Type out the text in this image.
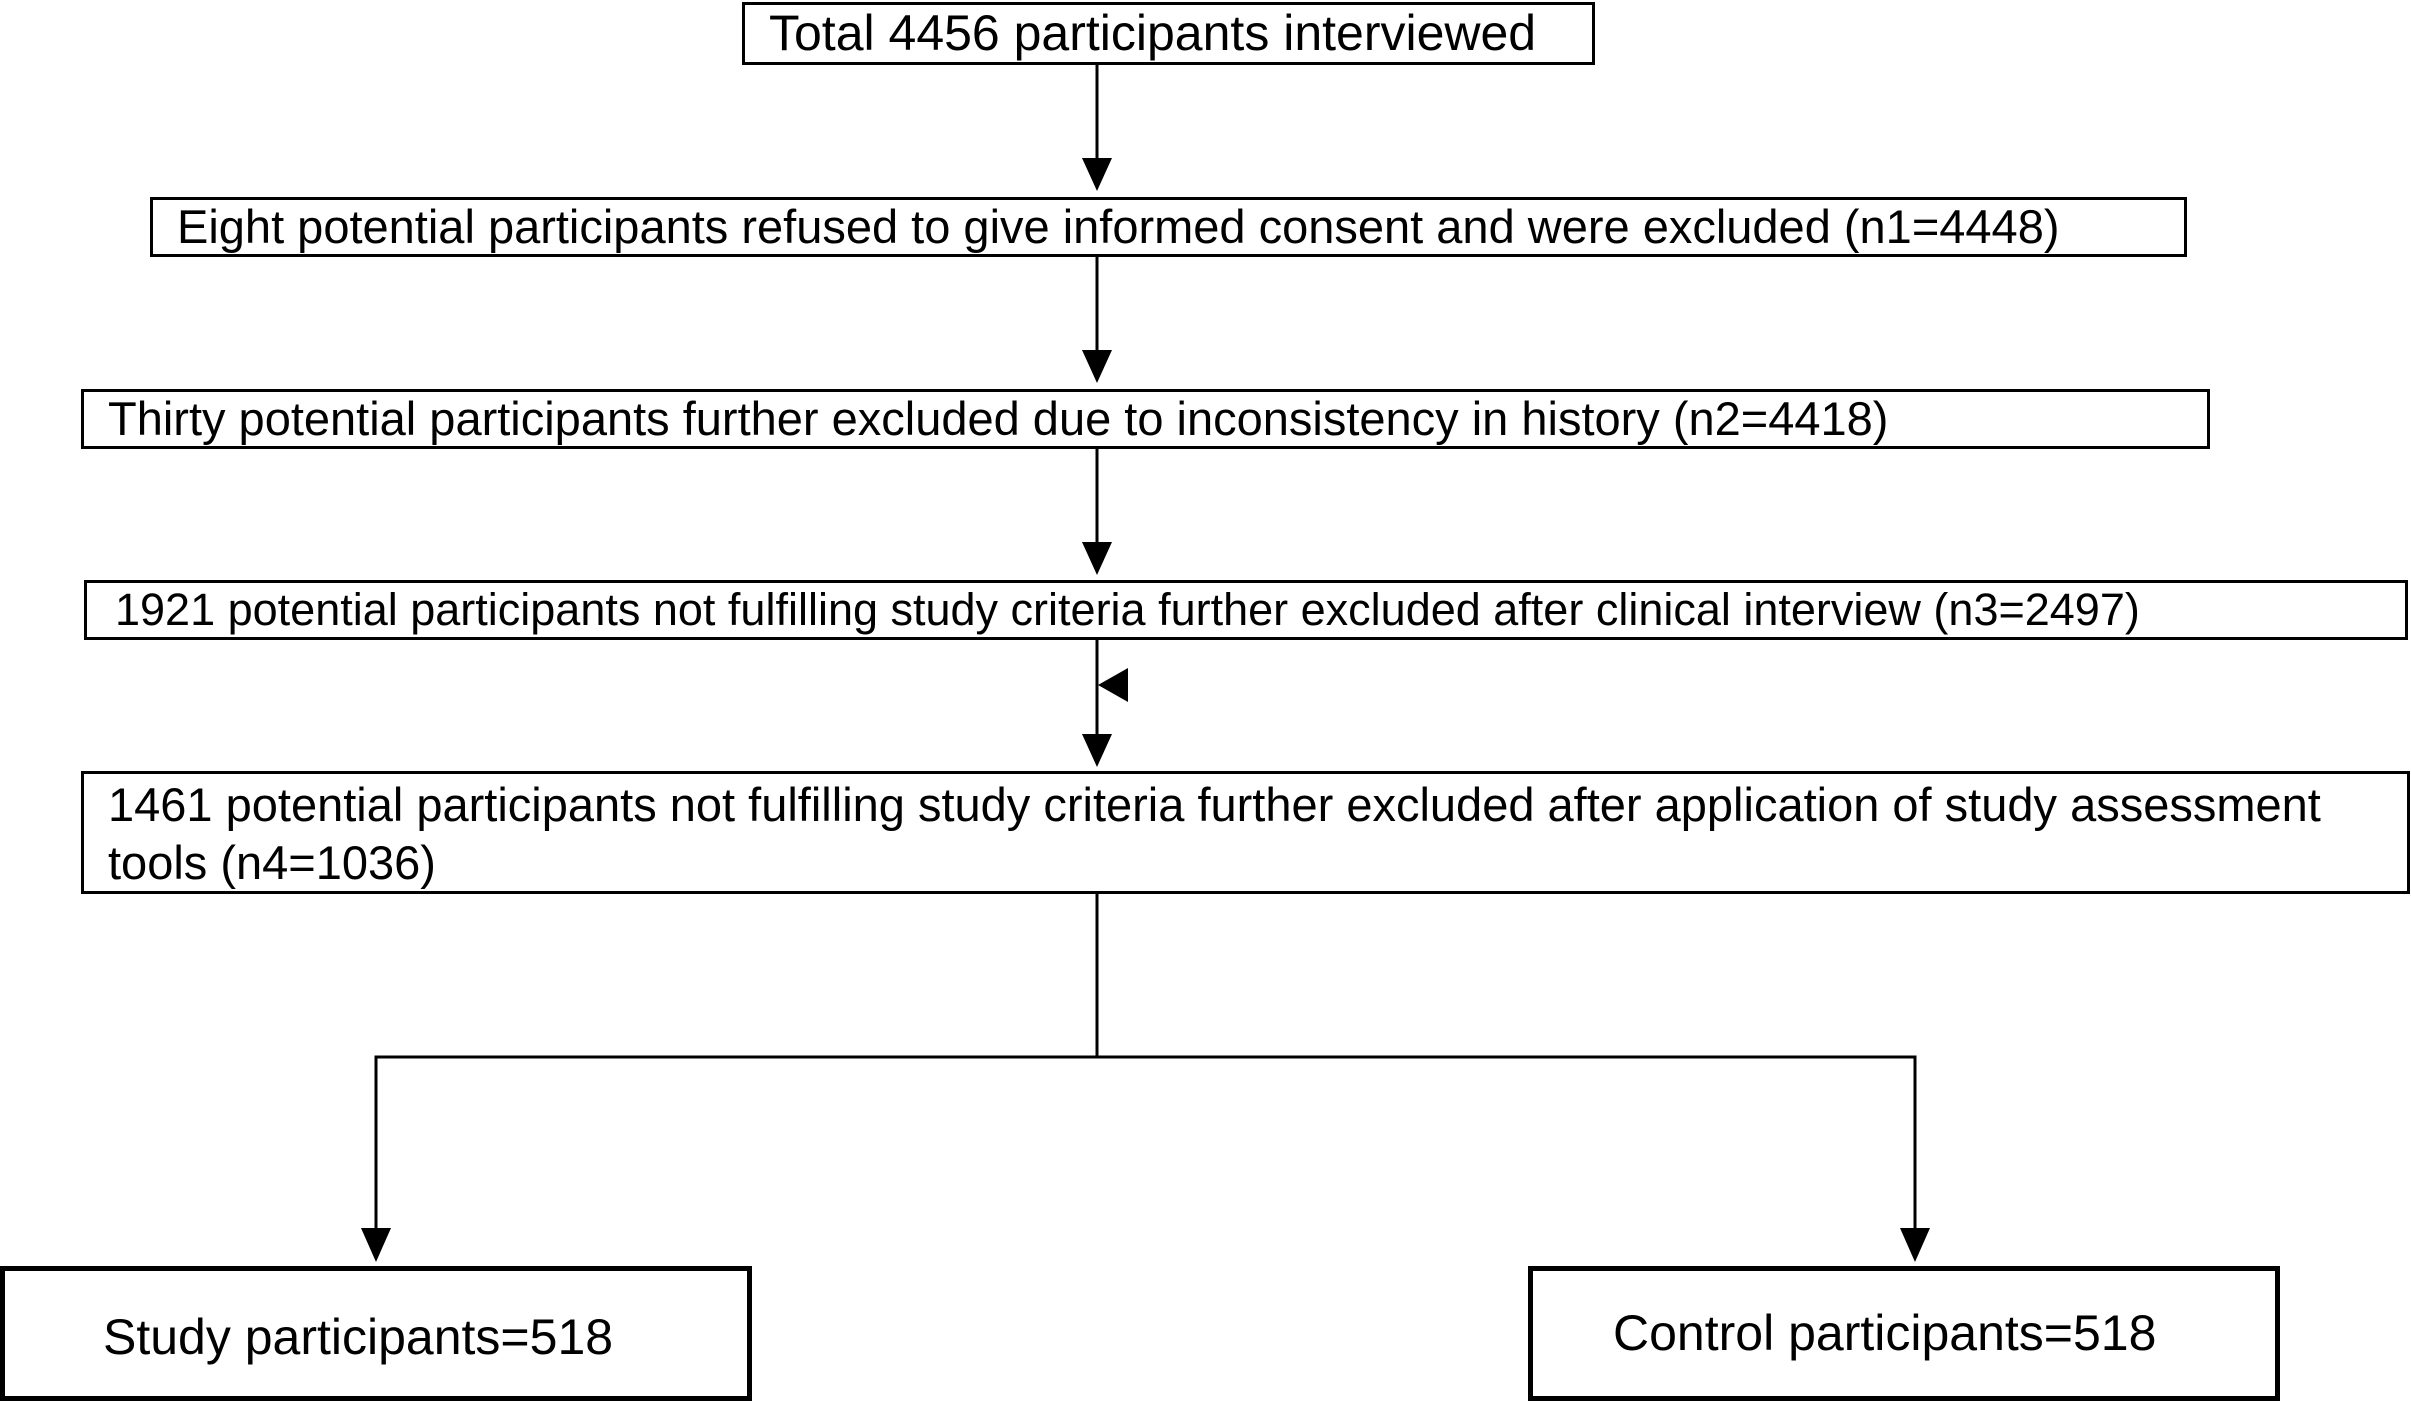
Total 4456 participants interviewed
Eight potential participants refused to give informed consent and were excluded (n1=4448)
Thirty potential participants further excluded due to inconsistency in history (n2=4418)
1921 potential participants not fulfilling study criteria further excluded after clinical interview (n3=2497)
1461 potential participants not fulfilling study criteria further excluded after application of study assessment tools (n4=1036)
Study participants=518	Control participants=518
